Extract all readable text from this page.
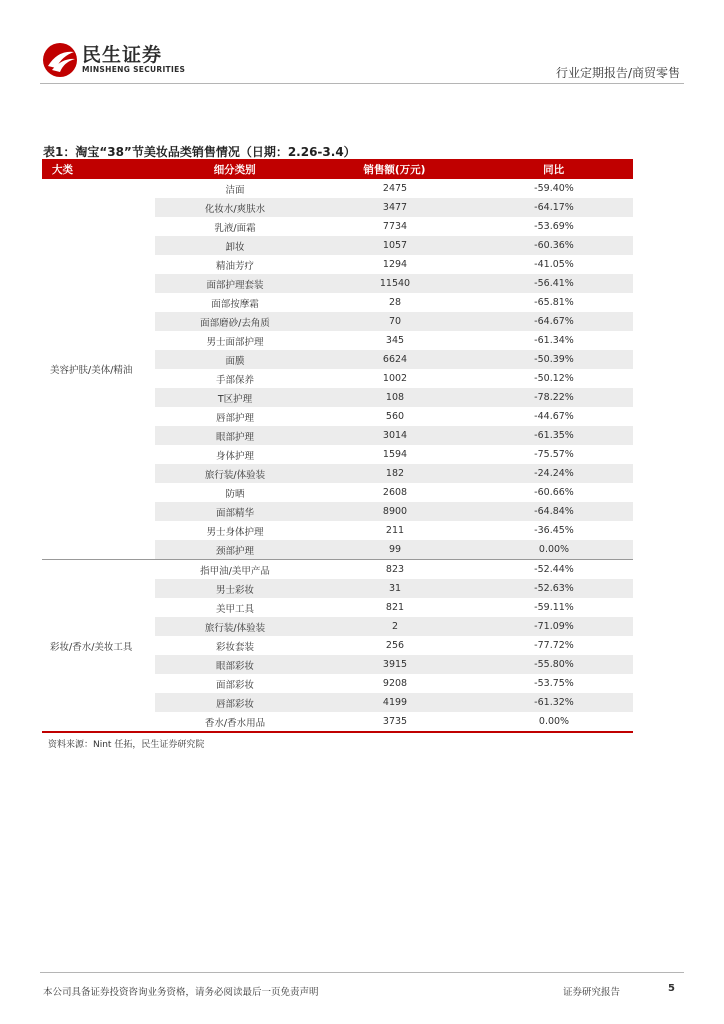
民生证券
MINSHENG SECURITIES	行业定期报告/商贸零售
表1：淘宝“38”节美妆品类销售情况（日期：2.26-3.4）
大类	细分类别	销售额(万元)	同比
美容护肤/美体/精油
洁面	2475	-59.40%
化妆水/爽肤水	3477	-64.17%
乳液/面霜	7734	-53.69%
卸妆	1057	-60.36%
精油芳疗	1294	-41.05%
面部护理套装	11540	-56.41%
面部按摩霜	28	-65.81%
面部磨砂/去角质	70	-64.67%
男士面部护理	345	-61.34%
面膜	6624	-50.39%
手部保养	1002	-50.12%
T区护理	108	-78.22%
唇部护理	560	-44.67%
眼部护理	3014	-61.35%
身体护理	1594	-75.57%
旅行装/体验装	182	-24.24%
防晒	2608	-60.66%
面部精华	8900	-64.84%
男士身体护理	211	-36.45%
颈部护理	99	0.00%
彩妆/香水/美妆工具
指甲油/美甲产品	823	-52.44%
男士彩妆	31	-52.63%
美甲工具	821	-59.11%
旅行装/体验装	2	-71.09%
彩妆套装	256	-77.72%
眼部彩妆	3915	-55.80%
面部彩妆	9208	-53.75%
唇部彩妆	4199	-61.32%
香水/香水用品	3735	0.00%
资料来源：Nint 任拓，民生证券研究院
本公司具备证券投资咨询业务资格，请务必阅读最后一页免责声明	证券研究报告	5
